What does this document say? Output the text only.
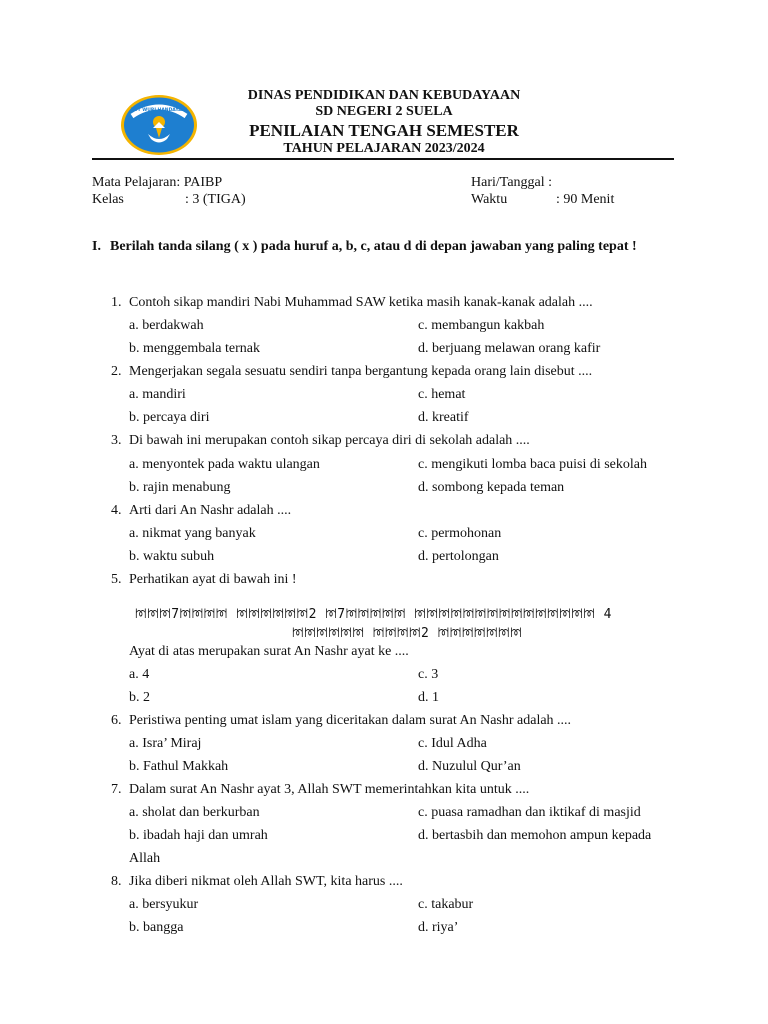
TUT WURI HANDAYANI
DINAS PENDIDIKAN DAN KEBUDAYAAN
SD NEGERI 2 SUELA
PENILAIAN TENGAH SEMESTER
TAHUN PELAJARAN 2023/2024
Mata Pelajaran: PAIBP
Kelas	: 3 (TIGA)
Hari/Tanggal :
Waktu	: 90 Menit
I. Berilah tanda silang ( x ) pada huruf a, b, c, atau d di depan jawaban yang paling tepat !
1. Contoh sikap mandiri Nabi Muhammad SAW ketika masih kanak-kanak adalah ....
a. berdakwah	c. membangun kakbah
b. menggembala ternak	d. berjuang melawan orang kafir
2. Mengerjakan segala sesuatu sendiri tanpa bergantung kepada orang lain disebut ....
a. mandiri	c. hemat
b. percaya diri	d. kreatif
3. Di bawah ini merupakan contoh sikap percaya diri di sekolah adalah ....
a. menyontek pada waktu ulangan	c. mengikuti lomba baca puisi di sekolah
b. rajin menabung	d. sombong kepada teman
4. Arti dari An Nashr adalah ....
a. nikmat yang banyak	c. permohonan
b. waktu subuh	d. pertolongan
5. Perhatikan ayat di bawah ini !
ꔟꔟꔟ7ꔟꔟꔟꔟ ꔟꔟꔟꔟꔟꔟ2 ꔟ7ꔟꔟꔟꔟꔟ ꔟꔟꔟꔟꔟꔟꔟꔟꔟꔟꔟꔟꔟꔟꔟ 4
ꔟꔟꔟꔟꔟꔟ ꔟꔟꔟꔟ2 ꔟꔟꔟꔟꔟꔟꔟ
Ayat di atas merupakan surat An Nashr ayat ke ....
a. 4	c. 3
b. 2	d. 1
6. Peristiwa penting umat islam yang diceritakan dalam surat An Nashr adalah ....
a. Isra’ Miraj	c. Idul Adha
b. Fathul Makkah	d. Nuzulul Qur’an
7. Dalam surat An Nashr ayat 3, Allah SWT memerintahkan kita untuk ....
a. sholat dan berkurban	c. puasa ramadhan dan iktikaf di masjid
b. ibadah haji dan umrah	d. bertasbih dan memohon ampun kepada
Allah
8. Jika diberi nikmat oleh Allah SWT, kita harus ....
a. bersyukur	c. takabur
b. bangga	d. riya’
